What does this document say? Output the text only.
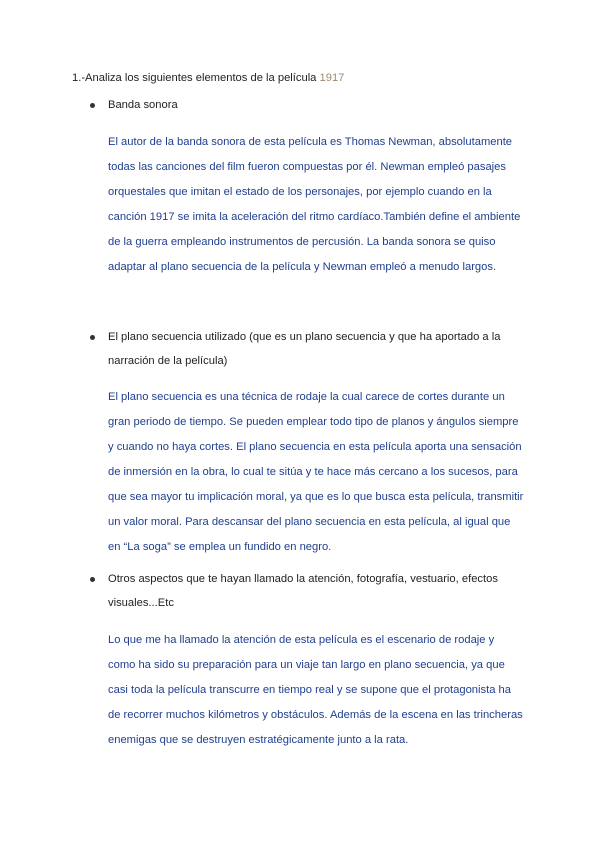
1.-Analiza los siguientes elementos de la película 1917
Banda sonora
El autor de la banda sonora de esta película es Thomas Newman, absolutamente todas las canciones del film fueron compuestas por él. Newman empleó pasajes orquestales que imitan el estado de los personajes, por ejemplo cuando en la canción 1917 se imita la aceleración del ritmo cardíaco.También define el ambiente de la guerra empleando instrumentos de percusión. La banda sonora se quiso adaptar al plano secuencia de la película y Newman empleó a menudo largos.
El plano secuencia utilizado (que es un plano secuencia y que ha aportado a la narración de la película)
El plano secuencia es una técnica de rodaje la cual carece de cortes durante un gran periodo de tiempo. Se pueden emplear todo tipo de planos y ángulos siempre y cuando no haya cortes. El plano secuencia en esta película aporta una sensación de inmersión en la obra, lo cual te sitúa y te hace más cercano a los sucesos, para que sea mayor tu implicación moral, ya que es lo que busca esta película, transmitir un valor moral. Para descansar del plano secuencia en esta película, al igual que en “La soga” se emplea un fundido en negro.
Otros aspectos que te hayan llamado la atención, fotografía, vestuario, efectos visuales...Etc
Lo que me ha llamado la atención de esta película es el escenario de rodaje y como ha sido su preparación para un viaje tan largo en plano secuencia, ya que casi toda la película transcurre en tiempo real y se supone que el protagonista ha de recorrer muchos kilómetros y obstáculos. Además de la escena en las trincheras enemigas que se destruyen estratégicamente junto a la rata.
